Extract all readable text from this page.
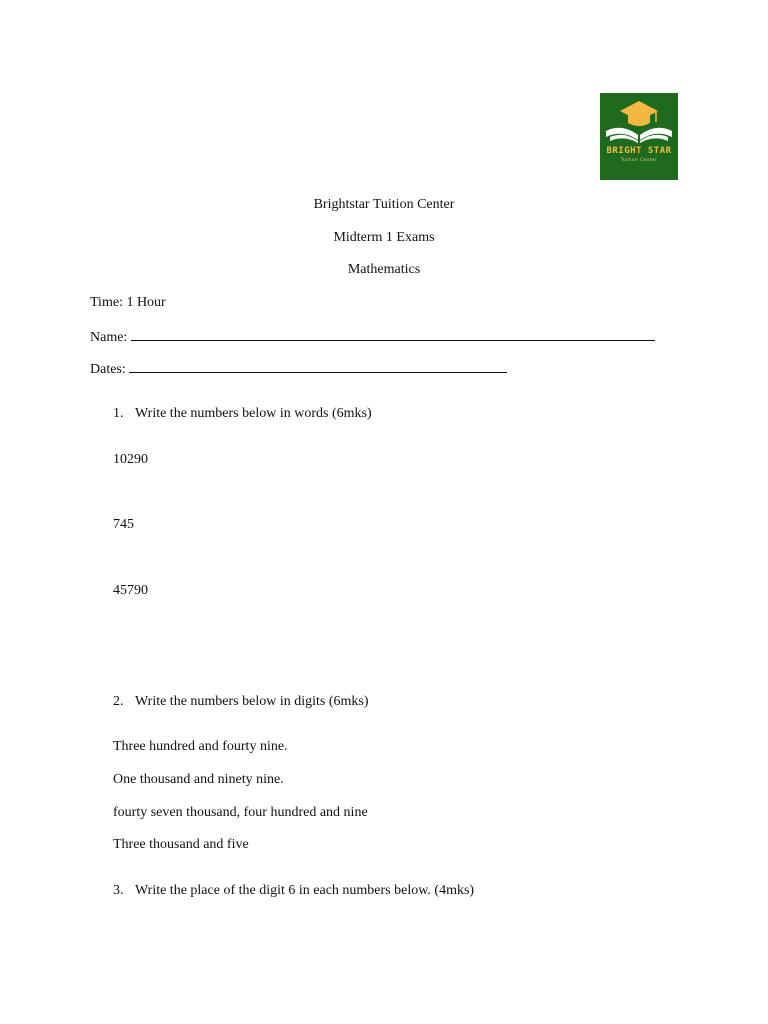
BRIGHT STAR
Tuition Center
Brightstar Tuition Center
Midterm 1 Exams
Mathematics
Time: 1 Hour
Name:
Dates:
1. Write the numbers below in words (6mks)
10290
745
45790
2. Write the numbers below in digits (6mks)
Three hundred and fourty nine.
One thousand and ninety nine.
fourty seven thousand, four hundred and nine
Three thousand and five
3. Write the place of the digit 6 in each numbers below. (4mks)
